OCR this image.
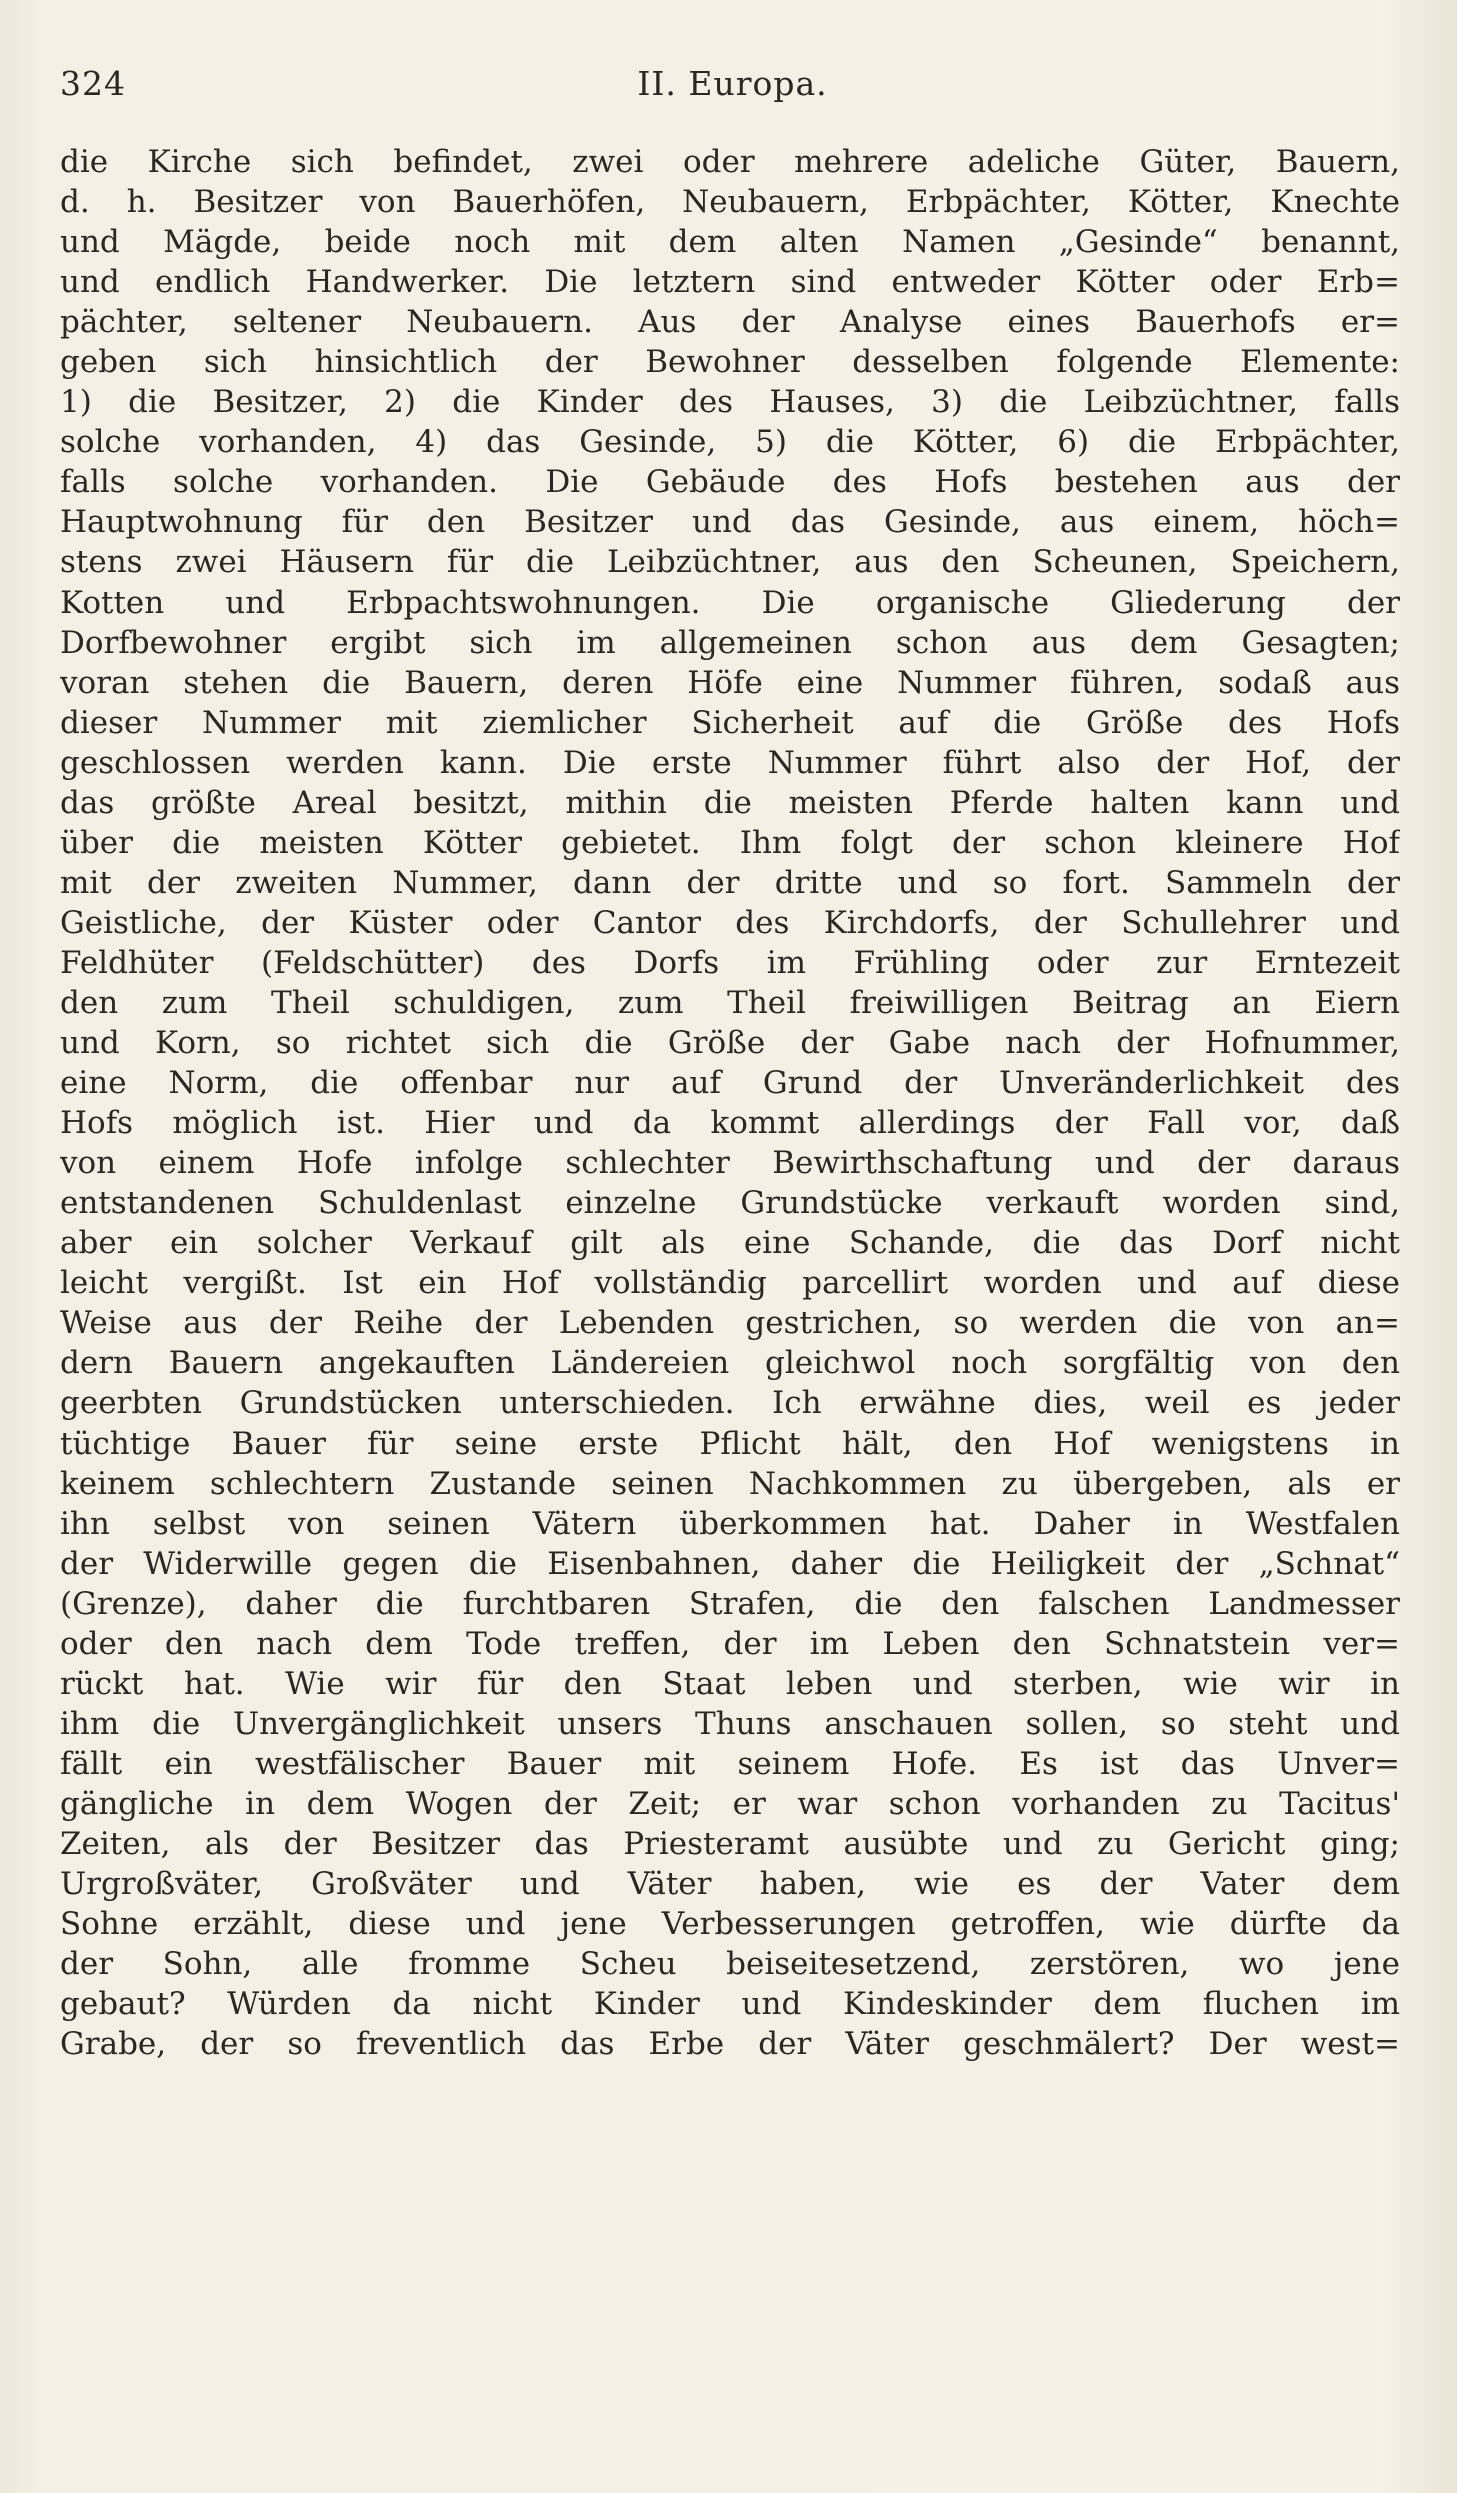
324	II. Europa.
die Kirche sich befindet, zwei oder mehrere adeliche Güter, Bauern,
d. h. Besitzer von Bauerhöfen, Neubauern, Erbpächter, Kötter, Knechte
und Mägde, beide noch mit dem alten Namen „Gesinde“ benannt,
und endlich Handwerker. Die letztern sind entweder Kötter oder Erb=
pächter, seltener Neubauern. Aus der Analyse eines Bauerhofs er=
geben sich hinsichtlich der Bewohner desselben folgende Elemente:
1) die Besitzer, 2) die Kinder des Hauses, 3) die Leibzüchtner, falls
solche vorhanden, 4) das Gesinde, 5) die Kötter, 6) die Erbpächter,
falls solche vorhanden. Die Gebäude des Hofs bestehen aus der
Hauptwohnung für den Besitzer und das Gesinde, aus einem, höch=
stens zwei Häusern für die Leibzüchtner, aus den Scheunen, Speichern,
Kotten und Erbpachtswohnungen. Die organische Gliederung der
Dorfbewohner ergibt sich im allgemeinen schon aus dem Gesagten;
voran stehen die Bauern, deren Höfe eine Nummer führen, sodaß aus
dieser Nummer mit ziemlicher Sicherheit auf die Größe des Hofs
geschlossen werden kann. Die erste Nummer führt also der Hof, der
das größte Areal besitzt, mithin die meisten Pferde halten kann und
über die meisten Kötter gebietet. Ihm folgt der schon kleinere Hof
mit der zweiten Nummer, dann der dritte und so fort. Sammeln der
Geistliche, der Küster oder Cantor des Kirchdorfs, der Schullehrer und
Feldhüter (Feldschütter) des Dorfs im Frühling oder zur Erntezeit
den zum Theil schuldigen, zum Theil freiwilligen Beitrag an Eiern
und Korn, so richtet sich die Größe der Gabe nach der Hofnummer,
eine Norm, die offenbar nur auf Grund der Unveränderlichkeit des
Hofs möglich ist. Hier und da kommt allerdings der Fall vor, daß
von einem Hofe infolge schlechter Bewirthschaftung und der daraus
entstandenen Schuldenlast einzelne Grundstücke verkauft worden sind,
aber ein solcher Verkauf gilt als eine Schande, die das Dorf nicht
leicht vergißt. Ist ein Hof vollständig parcellirt worden und auf diese
Weise aus der Reihe der Lebenden gestrichen, so werden die von an=
dern Bauern angekauften Ländereien gleichwol noch sorgfältig von den
geerbten Grundstücken unterschieden. Ich erwähne dies, weil es jeder
tüchtige Bauer für seine erste Pflicht hält, den Hof wenigstens in
keinem schlechtern Zustande seinen Nachkommen zu übergeben, als er
ihn selbst von seinen Vätern überkommen hat. Daher in Westfalen
der Widerwille gegen die Eisenbahnen, daher die Heiligkeit der „Schnat“
(Grenze), daher die furchtbaren Strafen, die den falschen Landmesser
oder den nach dem Tode treffen, der im Leben den Schnatstein ver=
rückt hat. Wie wir für den Staat leben und sterben, wie wir in
ihm die Unvergänglichkeit unsers Thuns anschauen sollen, so steht und
fällt ein westfälischer Bauer mit seinem Hofe. Es ist das Unver=
gängliche in dem Wogen der Zeit; er war schon vorhanden zu Tacitus'
Zeiten, als der Besitzer das Priesteramt ausübte und zu Gericht ging;
Urgroßväter, Großväter und Väter haben, wie es der Vater dem
Sohne erzählt, diese und jene Verbesserungen getroffen, wie dürfte da
der Sohn, alle fromme Scheu beiseitesetzend, zerstören, wo jene
gebaut? Würden da nicht Kinder und Kindeskinder dem fluchen im
Grabe, der so freventlich das Erbe der Väter geschmälert? Der west=
